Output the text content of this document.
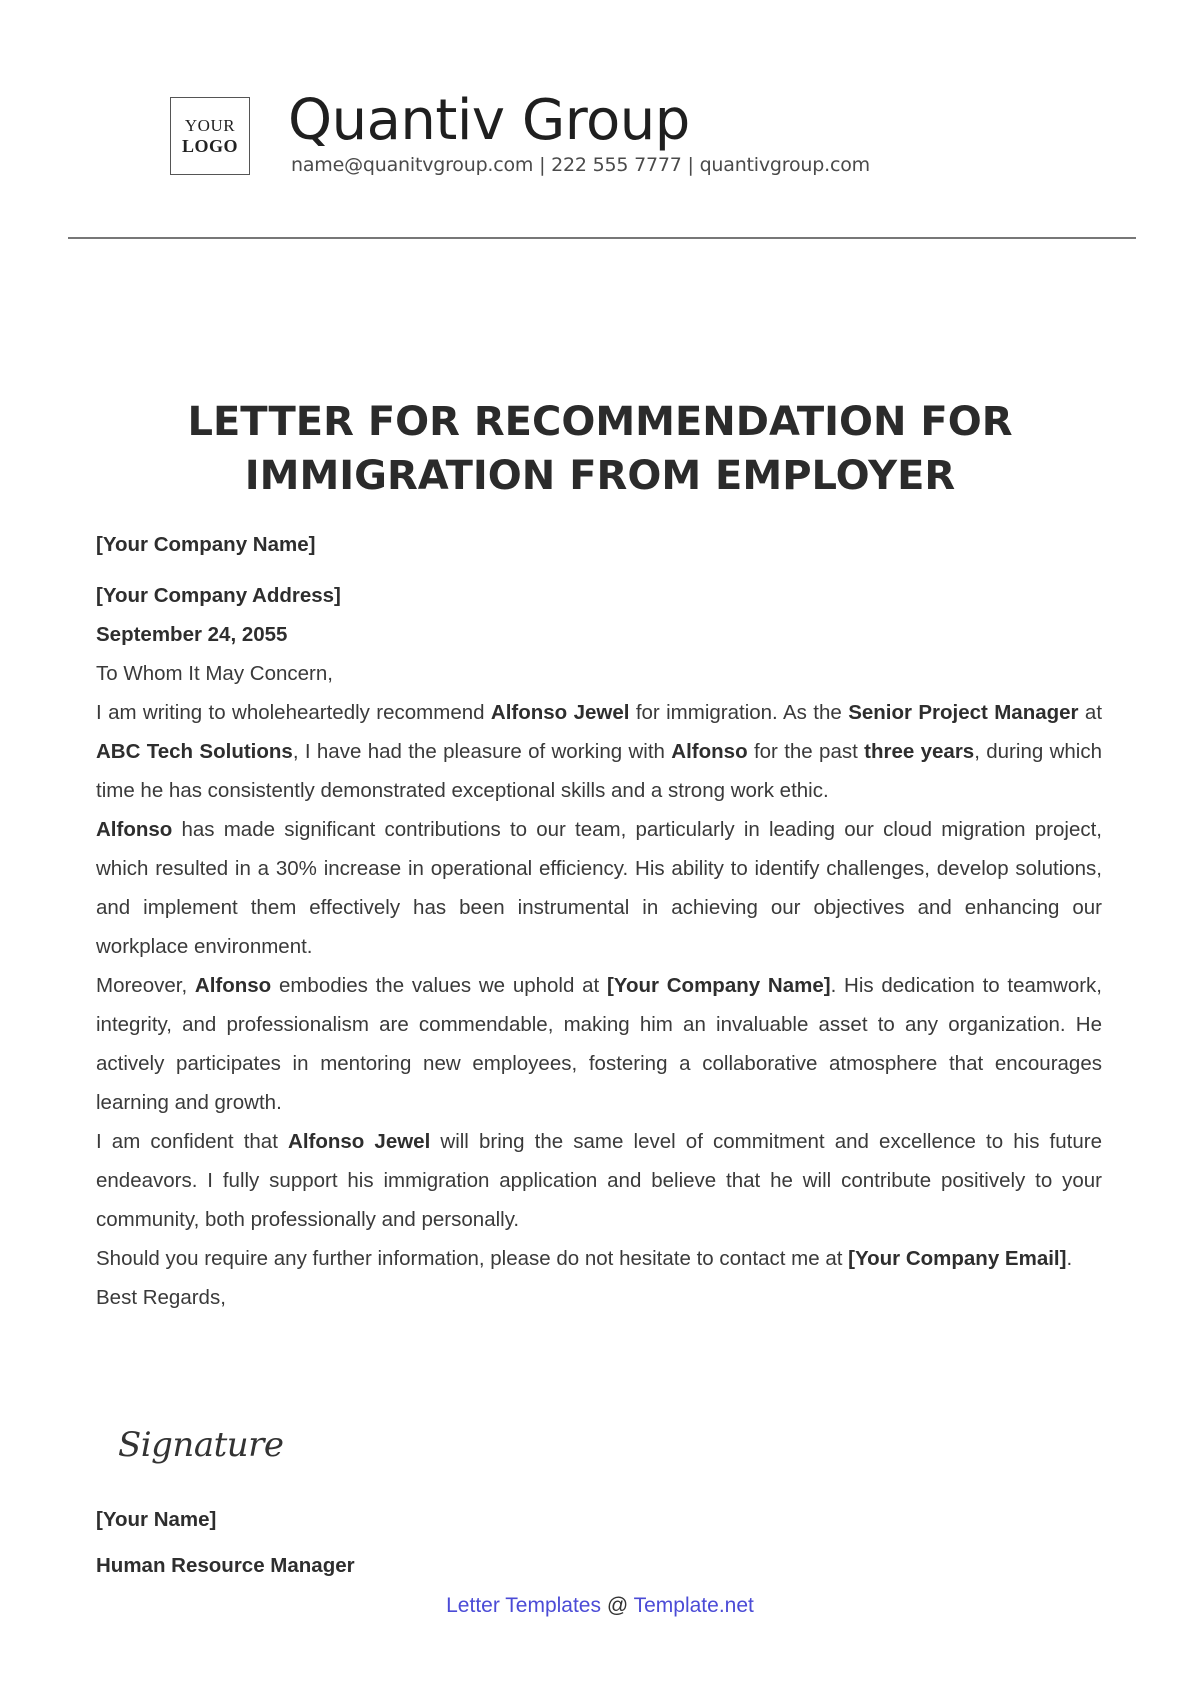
YOUR
LOGO Quantiv Group
name@quanitvgroup.com | 222 555 7777 | quantivgroup.com
LETTER FOR RECOMMENDATION FOR
IMMIGRATION FROM EMPLOYER

[Your Company Name]

[Your Company Address]

September 24, 2055

To Whom It May Concern,

I am writing to wholeheartedly recommend Alfonso Jewel for immigration. As the Senior Project Manager at ABC Tech Solutions, I have had the pleasure of working with Alfonso for the past three years, during which time he has consistently demonstrated exceptional skills and a strong work ethic.

Alfonso has made significant contributions to our team, particularly in leading our cloud migration project, which resulted in a 30% increase in operational efficiency. His ability to identify challenges, develop solutions, and implement them effectively has been instrumental in achieving our objectives and enhancing our workplace environment.

Moreover, Alfonso embodies the values we uphold at [Your Company Name]. His dedication to teamwork, integrity, and professionalism are commendable, making him an invaluable asset to any organization. He actively participates in mentoring new employees, fostering a collaborative atmosphere that encourages learning and growth.

I am confident that Alfonso Jewel will bring the same level of commitment and excellence to his future endeavors. I fully support his immigration application and believe that he will contribute positively to your community, both professionally and personally.

Should you require any further information, please do not hesitate to contact me at [Your Company Email].

Best Regards,

Signature
[Your Name]
Human Resource Manager
Letter Templates @ Template.net
